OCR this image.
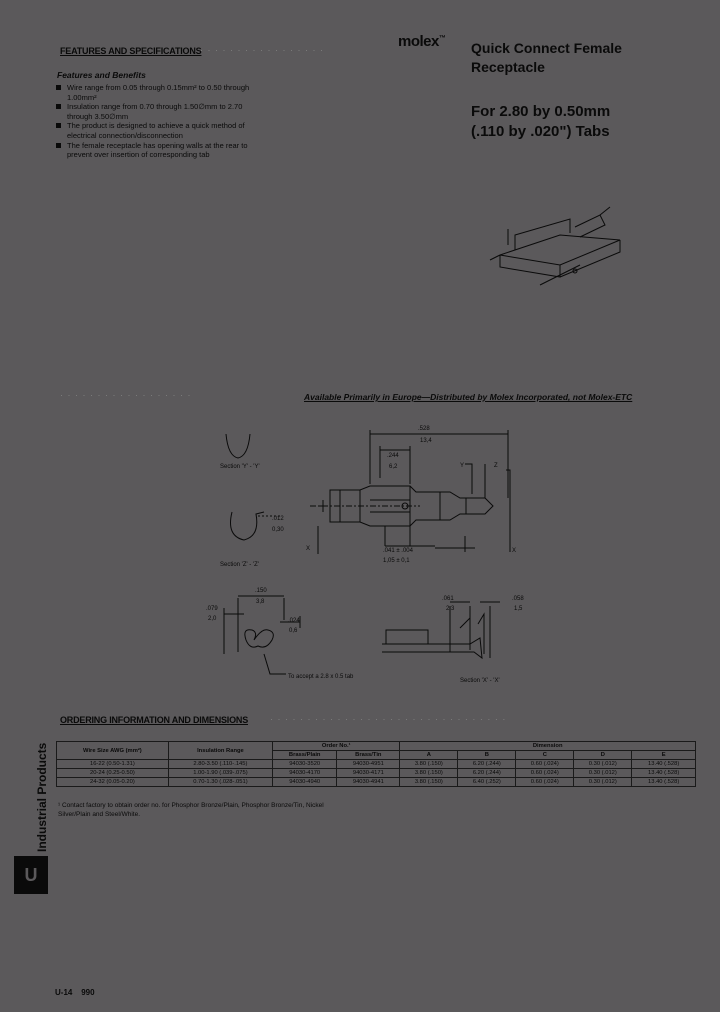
FEATURES AND SPECIFICATIONS
· · · · · · · · · · · · · · · · ·	molex™
Quick Connect Female
Receptacle
For 2.80 by 0.50mm
(.110 by .020") Tabs
Features and Benefits
Wire range from 0.05 through 0.15mm² to 0.50 through 1.00mm²
Insulation range from 0.70 through 1.50∅mm to 2.70 through 3.50∅mm
The product is designed to achieve a quick method of electrical connection/disconnection
The female receptacle has opening walls at the rear to prevent over insertion of corresponding tab
· · · · · · · · · · · · · · · · · ·	Available Primarily in Europe—Distributed by Molex Incorporated, not Molex-ETC
Section 'Y' - 'Y'
Section 'Z' - 'Z'
.528
13,4
.244
6,2	Y	Z
.012
0,30
X	X
.041 ± .004
1,05 ± 0,1
.150
3,8
.079
2,0	.024
0,6
.061
2,3
.058
1,5
To accept a 2.8 x 0.5 tab
Section 'X' - 'X'
ORDERING INFORMATION AND DIMENSIONS · · · · · · · · · · · · · · · · · · · · · · · · · · · · · · · ·
Wire Size AWG (mm²)	Insulation Range	Order No.¹		Dimension				
		Brass/Plain	Brass/Tin	A	B	C	D	E
16-22 (0.50-1.31)	2.80-3.50 (.110-.145)	94030-3520	94030-4951	3.80 (.150)	6.20 (.244)	0.60 (.024)	0.30 (.012)	13.40 (.528)
20-24 (0.25-0.50)	1.00-1.90 (.039-.075)	94030-4170	94030-4171	3.80 (.150)	6.20 (.244)	0.60 (.024)	0.30 (.012)	13.40 (.528)
24-32 (0.05-0.20)	0.70-1.30 (.028-.051)	94030-4940	94030-4941	3.80 (.150)	6.40 (.252)	0.60 (.024)	0.30 (.012)	13.40 (.528)
¹ Contact factory to obtain order no. for Phosphor Bronze/Plain, Phosphor Bronze/Tin, Nickel Silver/Plain and Steel/White.
Industrial Products
U
U-14 990
